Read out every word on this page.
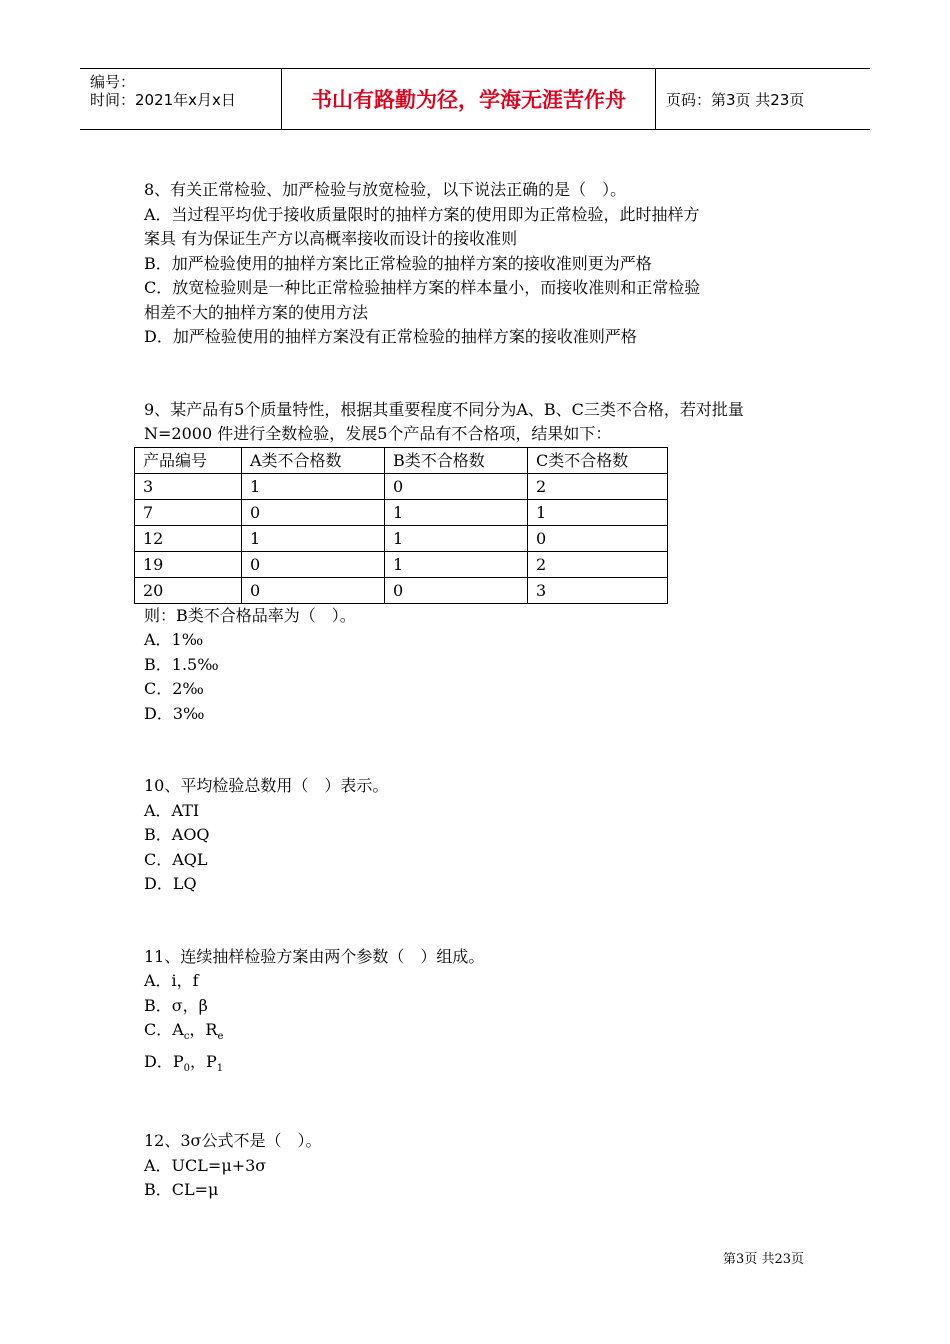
编号：
时间：2021年x月x日	书山有路勤为径，学海无涯苦作舟	页码：第3页 共23页

8、有关正常检验、加严检验与放宽检验，以下说法正确的是（　）。

A．当过程平均优于接收质量限时的抽样方案的使用即为正常检验，此时抽样方

案具 有为保证生产方以高概率接收而设计的接收准则

B．加严检验使用的抽样方案比正常检验的抽样方案的接收准则更为严格

C．放宽检验则是一种比正常检验抽样方案的样本量小，而接收准则和正常检验

相差不大的抽样方案的使用方法

D．加严检验使用的抽样方案没有正常检验的抽样方案的接收准则严格

9、某产品有5个质量特性，根据其重要程度不同分为A、B、C三类不合格，若对批量

N=2000 件进行全数检验，发展5个产品有不合格项，结果如下：

产品编号	A类不合格数	B类不合格数	C类不合格数
3	1	0	2
7	0	1	1
12	1	1	0
19	0	1	2
20	0	0	3

则：B类不合格品率为（　）。

A．1‰

B．1.5‰

C．2‰

D．3‰

10、平均检验总数用（　）表示。

A．ATI

B．AOQ

C．AQL

D．LQ

11、连续抽样检验方案由两个参数（　）组成。

A．i，f

B．σ，β

C．$A_c$，$R_e$

D．$P_0$，$P_1$

12、3σ公式不是（　）。

A．UCL=μ+3σ

B．CL=μ

第3页 共23页
